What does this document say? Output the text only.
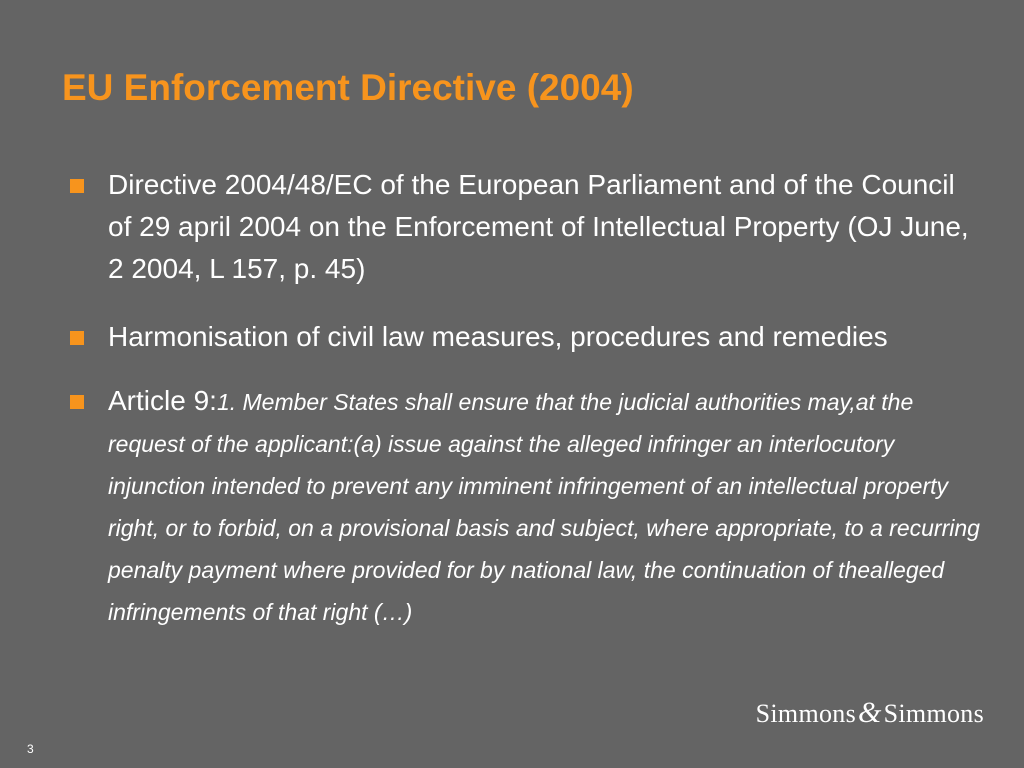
EU Enforcement Directive (2004)
Directive 2004/48/EC of the European Parliament and of the Council of 29 april 2004 on the Enforcement of Intellectual Property (OJ June, 2 2004, L 157, p. 45)
Harmonisation of civil law measures, procedures and remedies
Article 9:1. Member States shall ensure that the judicial authorities may,at the request of the applicant:(a) issue against the alleged infringer an interlocutory injunction intended to prevent any imminent infringement of an intellectual property right, or to forbid, on a provisional basis and subject, where appropriate, to a recurring penalty payment where provided for by national law, the continuation of thealleged infringements of that right (…)
Simmons&Simmons
3
